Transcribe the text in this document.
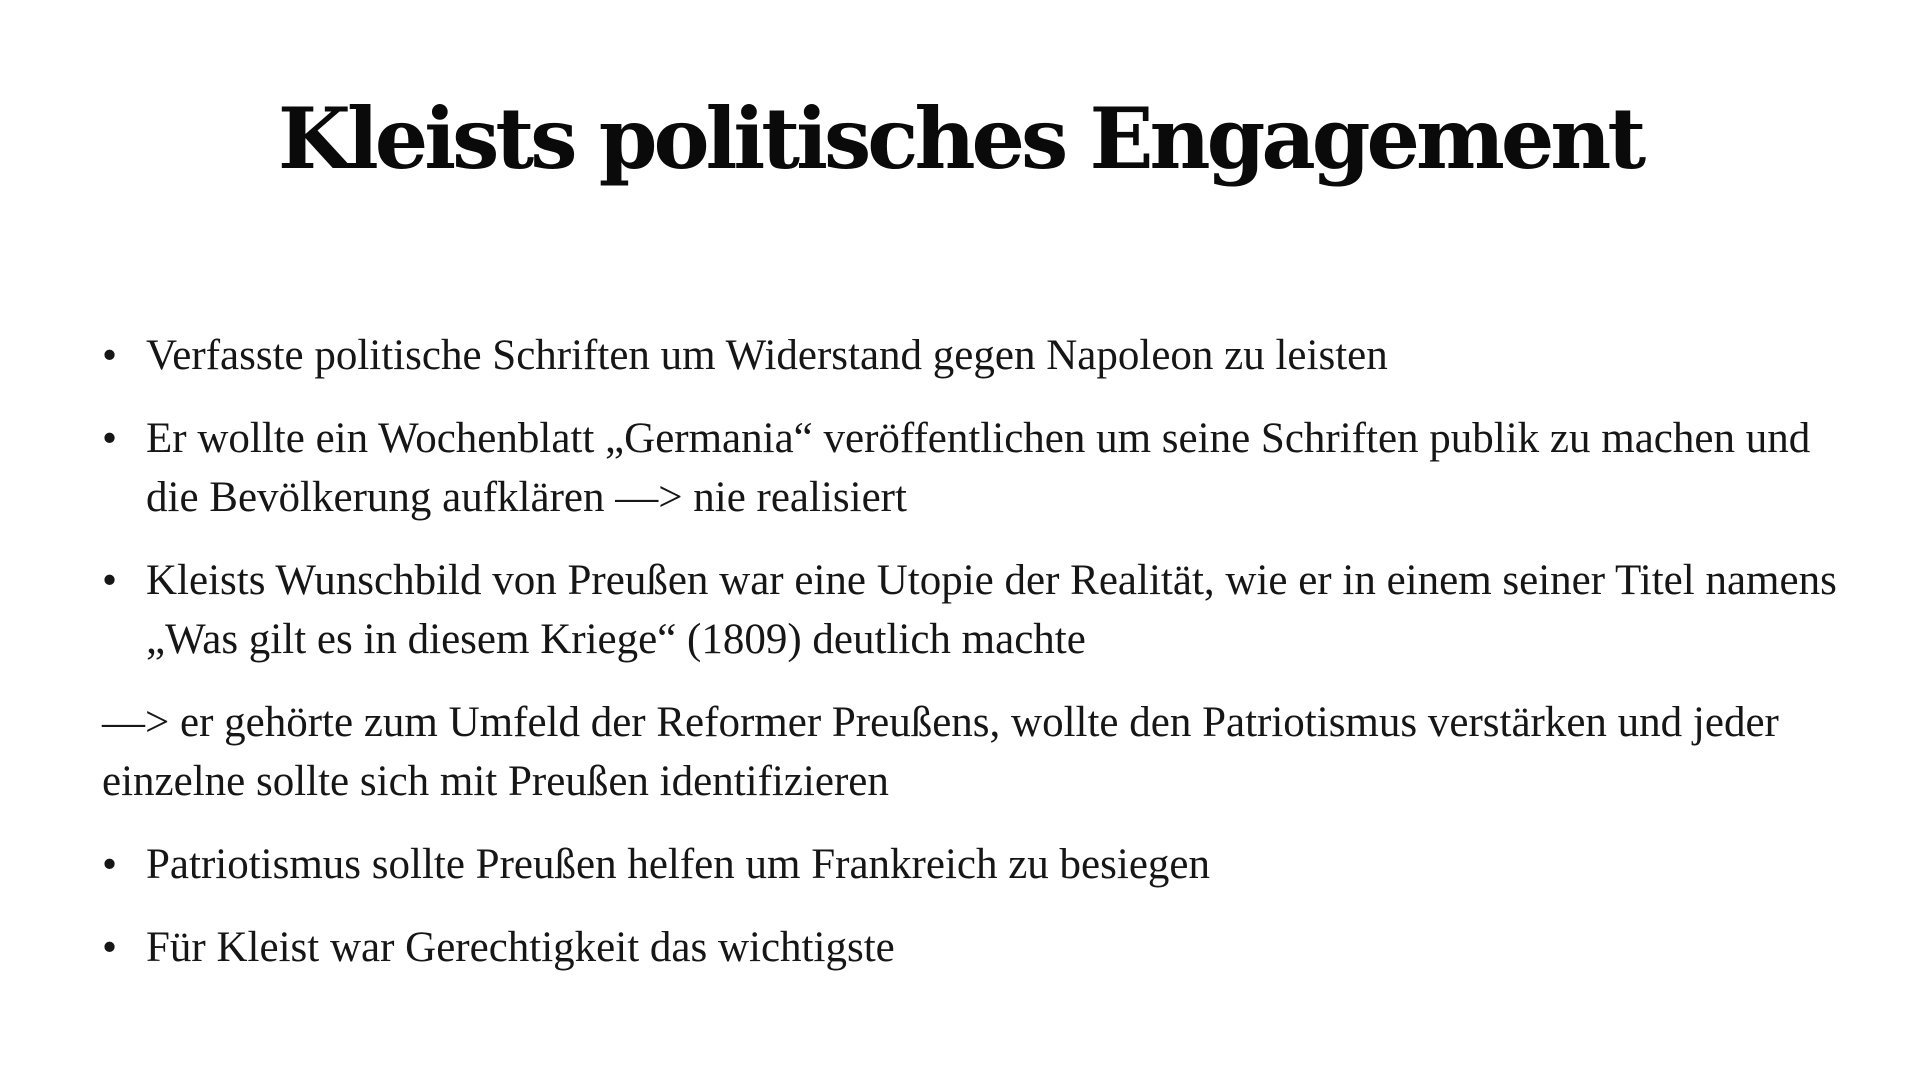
Kleists politisches Engagement
• Verfasste politische Schriften um Widerstand gegen Napoleon zu leisten
• Er wollte ein Wochenblatt „Germania“ veröffentlichen um seine Schriften publik zu machen und die Bevölkerung aufklären —> nie realisiert
• Kleists Wunschbild von Preußen war eine Utopie der Realität, wie er in einem seiner Titel namens „Was gilt es in diesem Kriege“ (1809) deutlich machte
—> er gehörte zum Umfeld der Reformer Preußens, wollte den Patriotismus verstärken und jeder einzelne sollte sich mit Preußen identifizieren
• Patriotismus sollte Preußen helfen um Frankreich zu besiegen
• Für Kleist war Gerechtigkeit das wichtigste
